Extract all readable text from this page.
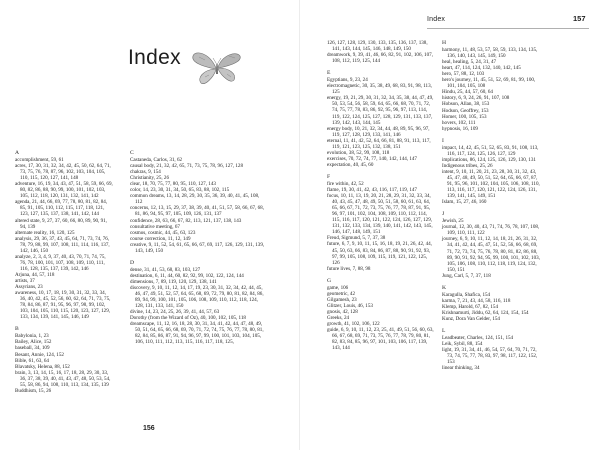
Index
156
Index	157

A

accomplishment, 59, 61

acres, 17, 30, 31, 32, 34, 42, 45, 50, 62, 64, 71, 73, 75, 76, 78, 87, 96, 102, 103, 104, 105, 110, 115, 120, 127, 141, 148

adventure, 16, 19, 34, 43, 47, 51, 58, 59, 66, 69, 80, 82, 86, 88, 90, 99, 100, 101, 102, 103, 105, 112, 118, 120, 131, 132, 141, 142

agenda, 21, 44, 66, 69, 77, 78, 80, 81, 82, 84, 85, 91, 105, 110, 112, 115, 117, 118, 121, 123, 127, 135, 137, 138, 141, 142, 144

altered state, 9, 27, 37, 60, 66, 80, 89, 90, 91, 94, 139

alternate reality, 16, 120, 125

analysis, 29, 36, 37, 43, 45, 64, 71, 73, 74, 76, 78, 79, 88, 99, 107, 108, 111, 114, 116, 137, 142, 146, 150

analyze, 2, 3, 4, 9, 37, 40, 43, 70, 71, 74, 75, 76, 78, 100, 101, 107, 108, 109, 110, 111, 116, 128, 135, 137, 139, 142, 146

Arjuna, 44, 57, 118

artists, 37

Assyrians, 23

awareness, 10, 17, 18, 19, 30, 31, 32, 33, 34, 36, 40, 42, 45, 52, 56, 60, 62, 64, 71, 73, 75, 78, 84, 86, 87, 91, 95, 96, 97, 98, 99, 102, 103, 104, 105, 110, 115, 120, 123, 127, 129, 133, 134, 139, 141, 145, 146, 149

B

Babylonia, 1, 23

Bailey, Alice, 152

baseball, 34, 109

Besant, Annie, 124, 152

Bible, 61, 63, 64

Blavatsky, Helena, 88, 152

brain, 3, 13, 14, 15, 16, 17, 18, 28, 29, 30, 33, 36, 37, 38, 39, 40, 41, 43, 47, 48, 50, 53, 54, 55, 58, 86, 94, 108, 110, 113, 134, 135, 139

Buddhism, 15, 26

C

Castaneda, Carlos, 31, 62

causal body, 21, 32, 42, 65, 71, 73, 75, 78, 96, 127, 128

chakras, 9, 154

Christianity, 25, 26

clear, 18, 70, 75, 77, 80, 95, 110, 127, 143

color, 14, 23, 30, 31, 34, 50, 65, 83, 88, 102, 115

common dreams, 13, 14, 28, 29, 30, 35, 36, 39, 40, 41, 45, 108, 112

concerns, 12, 13, 15, 29, 37, 38, 39, 40, 41, 51, 57, 58, 66, 67, 68, 81, 86, 94, 95, 97, 105, 109, 126, 131, 137

confidence, 28, 63, 66, 67, 82, 113, 121, 137, 138, 143

consultative meeting, 67

cosmos, cosmic, 44, 45, 63, 123

course correction, 11, 12, 149

creative, 9, 11, 52, 54, 61, 65, 66, 67, 69, 117, 126, 129, 131, 139, 143, 149, 150

D

dense, 31, 41, 53, 68, 83, 103, 127

destination, 6, 11, 44, 60, 82, 92, 99, 102, 122, 124, 144

dimensions, 7, 89, 119, 120, 129, 138, 141

discovery, 9, 10, 11, 12, 14, 17, 19, 23, 30, 31, 32, 34, 42, 44, 45, 46, 47, 49, 51, 52, 57, 64, 65, 68, 69, 72, 79, 80, 81, 82, 84, 86, 89, 94, 99, 100, 101, 105, 106, 108, 109, 110, 112, 118, 124, 128, 131, 133, 141, 150

divine, 14, 23, 24, 25, 26, 39, 41, 44, 57, 63

Dorothy (from the Wizard of Oz), 40, 100, 102, 105, 118

dreamscape, 11, 12, 16, 18, 28, 30, 31, 34, 41, 42, 44, 47, 48, 49, 50, 51, 64, 65, 66, 68, 69, 70, 71, 72, 74, 75, 76, 77, 78, 80, 81, 82, 84, 85, 86, 87, 91, 94, 96, 97, 99, 100, 101, 103, 104, 105, 106, 110, 111, 112, 113, 115, 116, 117, 118, 125,

126, 127, 128, 129, 130, 133, 135, 136, 137, 138, 141, 143, 144, 145, 146, 148, 149, 150

dreamwork, 9, 39, 41, 46, 66, 82, 91, 102, 106, 107, 108, 112, 119, 125, 144

E

Egyptians, 9, 23, 24

electromagnetic, 30, 35, 38, 49, 68, 83, 91, 98, 113, 125

energy, 19, 21, 29, 30, 31, 32, 34, 35, 38, 44, 47, 49, 50, 53, 54, 56, 58, 59, 64, 65, 66, 68, 70, 71, 72, 74, 75, 77, 78, 83, 86, 92, 95, 96, 97, 113, 114, 119, 122, 124, 125, 127, 128, 129, 131, 133, 137, 139, 142, 143, 144, 145

energy body, 10, 21, 32, 34, 44, 48, 89, 95, 96, 97, 119, 127, 128, 129, 133, 141, 146

eternal, 11, 41, 42, 52, 64, 66, 81, 88, 91, 113, 117, 119, 121, 123, 125, 132, 138, 151

evolution, 38, 52, 99, 108, 118

exercises, 70, 72, 74, 77, 140, 142, 144, 147

expectation, 40, 45, 60

F

fire within, 42, 52

flame, 19, 30, 41, 42, 43, 116, 117, 119, 147

focus, 10, 11, 13, 19, 20, 21, 28, 29, 31, 32, 33, 34, 40, 43, 45, 47, 48, 49, 50, 51, 58, 60, 61, 63, 64, 65, 66, 67, 71, 72, 73, 75, 76, 77, 78, 87, 91, 95, 96, 97, 101, 102, 104, 108, 109, 110, 112, 114, 115, 116, 117, 120, 121, 122, 124, 126, 127, 129, 131, 132, 133, 134, 139, 140, 141, 142, 143, 145, 146, 147, 148, 149, 151

Freud, Sigmund, 5, 7, 37, 38

future, 6, 7, 9, 10, 11, 15, 16, 18, 19, 21, 26, 42, 44, 45, 50, 63, 66, 83, 84, 86, 87, 88, 90, 91, 92, 93, 97, 99, 105, 108, 109, 115, 119, 121, 122, 125, 126

future lives, 7, 88, 98

G

game, 106

geometric, 42

Gilgamesh, 23

Glitzer, Louis, 46, 153

gnosis, 42, 128

Greeks, 24

growth, 41, 102, 106, 122

guide, 6, 9, 10, 11, 12, 23, 25, 41, 49, 51, 56, 60, 63, 66, 67, 68, 69, 71, 73, 75, 76, 77, 78, 79, 80, 81, 82, 83, 84, 85, 96, 97, 101, 103, 106, 117, 139, 143, 144

H

harmony, 11, 48, 53, 57, 58, 59, 133, 134, 135, 136, 140, 143, 145, 149, 150

heal, healing, 5, 24, 31, 47

heart, 47, 114, 124, 132, 140, 142, 145

hero, 57, 88, 12, 103

hero's journey, 11, 45, 51, 52, 69, 81, 99, 100, 101, 104, 105, 108

Hindu, 25, 44, 57, 60, 64

history, 6, 9, 24, 26, 91, 107, 108

Hobson, Allan, 38, 153

Hodson, Geoffrey, 153

Homer, 100, 105, 153

hovers, 102, 111

hypnosis, 16, 109

I

impact, 14, 42, 45, 51, 52, 65, 83, 91, 108, 113, 116, 117, 124, 125, 126, 127, 129

implications, 86, 124, 125, 126, 129, 130, 131

Indigenous tribes, 25, 26

intent, 9, 10, 11, 20, 21, 23, 28, 30, 31, 32, 43, 45, 47, 48, 49, 50, 51, 52, 64, 65, 66, 67, 87, 91, 95, 96, 101, 102, 104, 105, 106, 108, 110, 113, 116, 117, 120, 121, 122, 124, 126, 131, 139, 141, 145, 149, 151

Islam, 15, 27, 46, 160

J

Jewish, 25

journal, 12, 30, 40, 43, 71, 74, 76, 78, 107, 108, 109, 110, 111, 122

journey, 6, 9, 10, 11, 12, 14, 18, 21, 26, 31, 32, 34, 41, 42, 44, 45, 47, 51, 52, 56, 66, 68, 69, 71, 72, 73, 74, 75, 76, 78, 80, 81, 82, 86, 88, 89, 90, 91, 92, 94, 95, 99, 100, 101, 102, 103, 105, 106, 108, 110, 112, 118, 119, 124, 132, 150, 151

Jung, Carl, 5, 7, 37, 118

K

Karagulla, Shafica, 154

karma, 7, 21, 43, 44, 58, 116, 118

Klemp, Harold, 67, 82, 154

Krishnamurti, Jiddu, 62, 64, 124, 154, 154

Kunz, Dora Van Gelder, 154

L

Leadbeater, Charles, 124, 151, 154

Leik, Sybil, 88, 154

light, 19, 31, 34, 41, 46, 54, 57, 64, 70, 71, 72, 73, 74, 75, 77, 78, 83, 97, 98, 117, 122, 152, 153

linear thinking, 34
